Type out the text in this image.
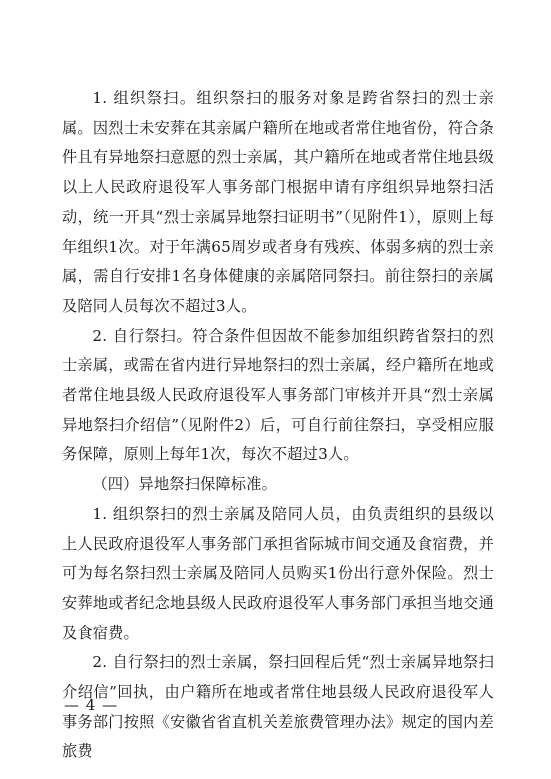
1. 组织祭扫。组织祭扫的服务对象是跨省祭扫的烈士亲属。因烈士未安葬在其亲属户籍所在地或者常住地省份，符合条件且有异地祭扫意愿的烈士亲属，其户籍所在地或者常住地县级以上人民政府退役军人事务部门根据申请有序组织异地祭扫活动，统一开具“烈士亲属异地祭扫证明书”（见附件1），原则上每年组织1次。对于年满65周岁或者身有残疾、体弱多病的烈士亲属，需自行安排1名身体健康的亲属陪同祭扫。前往祭扫的亲属及陪同人员每次不超过3人。

2. 自行祭扫。符合条件但因故不能参加组织跨省祭扫的烈士亲属，或需在省内进行异地祭扫的烈士亲属，经户籍所在地或者常住地县级人民政府退役军人事务部门审核并开具“烈士亲属异地祭扫介绍信”（见附件2）后，可自行前往祭扫，享受相应服务保障，原则上每年1次，每次不超过3人。

（四）异地祭扫保障标准。

1. 组织祭扫的烈士亲属及陪同人员，由负责组织的县级以上人民政府退役军人事务部门承担省际城市间交通及食宿费，并可为每名祭扫烈士亲属及陪同人员购买1份出行意外保险。烈士安葬地或者纪念地县级人民政府退役军人事务部门承担当地交通及食宿费。

2. 自行祭扫的烈士亲属，祭扫回程后凭“烈士亲属异地祭扫介绍信”回执，由户籍所在地或者常住地县级人民政府退役军人事务部门按照《安徽省省直机关差旅费管理办法》规定的国内差旅费

— 4 —
